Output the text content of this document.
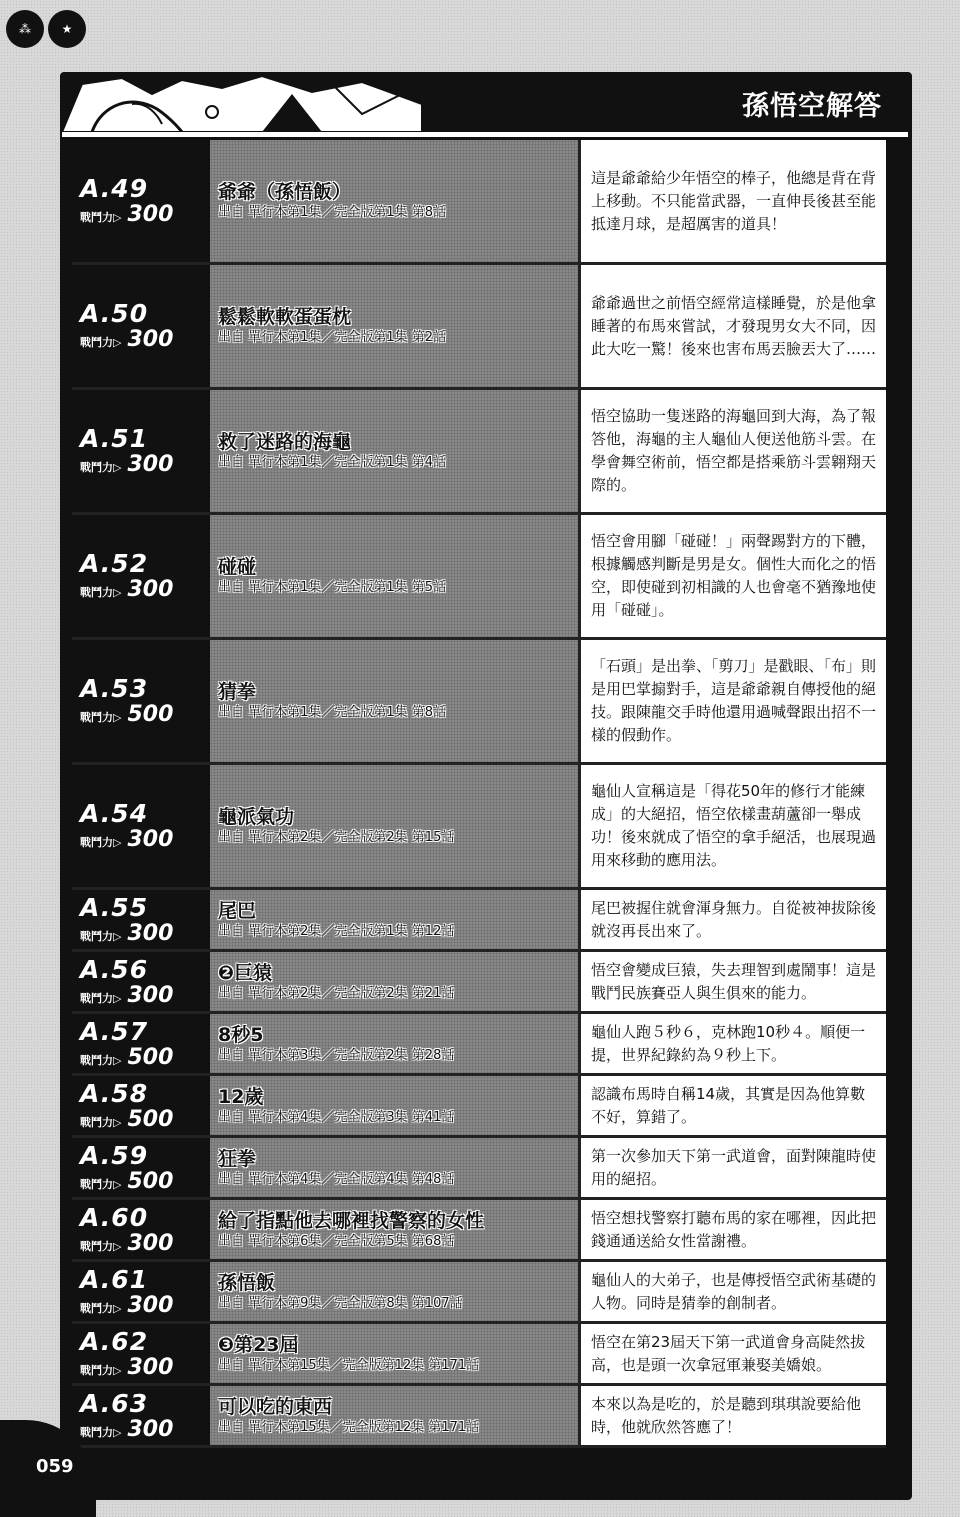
⁂	★
孫悟空解答
A.49
戰鬥力▷ 300
爺爺（孫悟飯）
出自 單行本第1集／完全版第1集 第8話
這是爺爺給少年悟空的棒子，他總是背在背上移動。不只能當武器，一直伸長後甚至能抵達月球，是超厲害的道具！
A.50
戰鬥力▷ 300
鬆鬆軟軟蛋蛋枕
出自 單行本第1集／完全版第1集 第2話
爺爺過世之前悟空經常這樣睡覺，於是他拿睡著的布馬來嘗試，才發現男女大不同，因此大吃一驚！後來也害布馬丟臉丟大了……
A.51
戰鬥力▷ 300
救了迷路的海龜
出自 單行本第1集／完全版第1集 第4話
悟空協助一隻迷路的海龜回到大海，為了報答他，海龜的主人龜仙人便送他筋斗雲。在學會舞空術前，悟空都是搭乘筋斗雲翱翔天際的。
A.52
戰鬥力▷ 300
碰碰
出自 單行本第1集／完全版第1集 第5話
悟空會用腳「碰碰！」兩聲踢對方的下體，根據觸感判斷是男是女。個性大而化之的悟空，即使碰到初相識的人也會毫不猶豫地使用「碰碰」。
A.53
戰鬥力▷ 500
猜拳
出自 單行本第1集／完全版第1集 第8話
「石頭」是出拳、「剪刀」是戳眼、「布」則是用巴掌搧對手，這是爺爺親自傳授他的絕技。跟陳龍交手時他還用過喊聲跟出招不一樣的假動作。
A.54
戰鬥力▷ 300
龜派氣功
出自 單行本第2集／完全版第2集 第15話
龜仙人宣稱這是「得花50年的修行才能練成」的大絕招，悟空依樣畫葫蘆卻一舉成功！後來就成了悟空的拿手絕活，也展現過用來移動的應用法。
A.55
戰鬥力▷ 300
尾巴
出自 單行本第2集／完全版第1集 第12話
尾巴被握住就會渾身無力。自從被神拔除後就沒再長出來了。
A.56
戰鬥力▷ 300
❷巨猿
出自 單行本第2集／完全版第2集 第21話
悟空會變成巨猿，失去理智到處鬧事！這是戰鬥民族賽亞人與生俱來的能力。
A.57
戰鬥力▷ 500
8秒5
出自 單行本第3集／完全版第2集 第28話
龜仙人跑５秒６，克林跑10秒４。順便一提，世界紀錄約為９秒上下。
A.58
戰鬥力▷ 500
12歲
出自 單行本第4集／完全版第3集 第41話
認識布馬時自稱14歲，其實是因為他算數不好，算錯了。
A.59
戰鬥力▷ 500
狂拳
出自 單行本第4集／完全版第4集 第48話
第一次參加天下第一武道會，面對陳龍時使用的絕招。
A.60
戰鬥力▷ 300
給了指點他去哪裡找警察的女性
出自 單行本第6集／完全版第5集 第68話
悟空想找警察打聽布馬的家在哪裡，因此把錢通通送給女性當謝禮。
A.61
戰鬥力▷ 300
孫悟飯
出自 單行本第9集／完全版第8集 第107話
龜仙人的大弟子，也是傳授悟空武術基礎的人物。同時是猜拳的創制者。
A.62
戰鬥力▷ 300
❸第23屆
出自 單行本第15集／完全版第12集 第171話
悟空在第23屆天下第一武道會身高陡然拔高，也是頭一次拿冠軍兼娶美嬌娘。
A.63
戰鬥力▷ 300
可以吃的東西
出自 單行本第15集／完全版第12集 第171話
本來以為是吃的，於是聽到琪琪說要給他時，他就欣然答應了！
059
